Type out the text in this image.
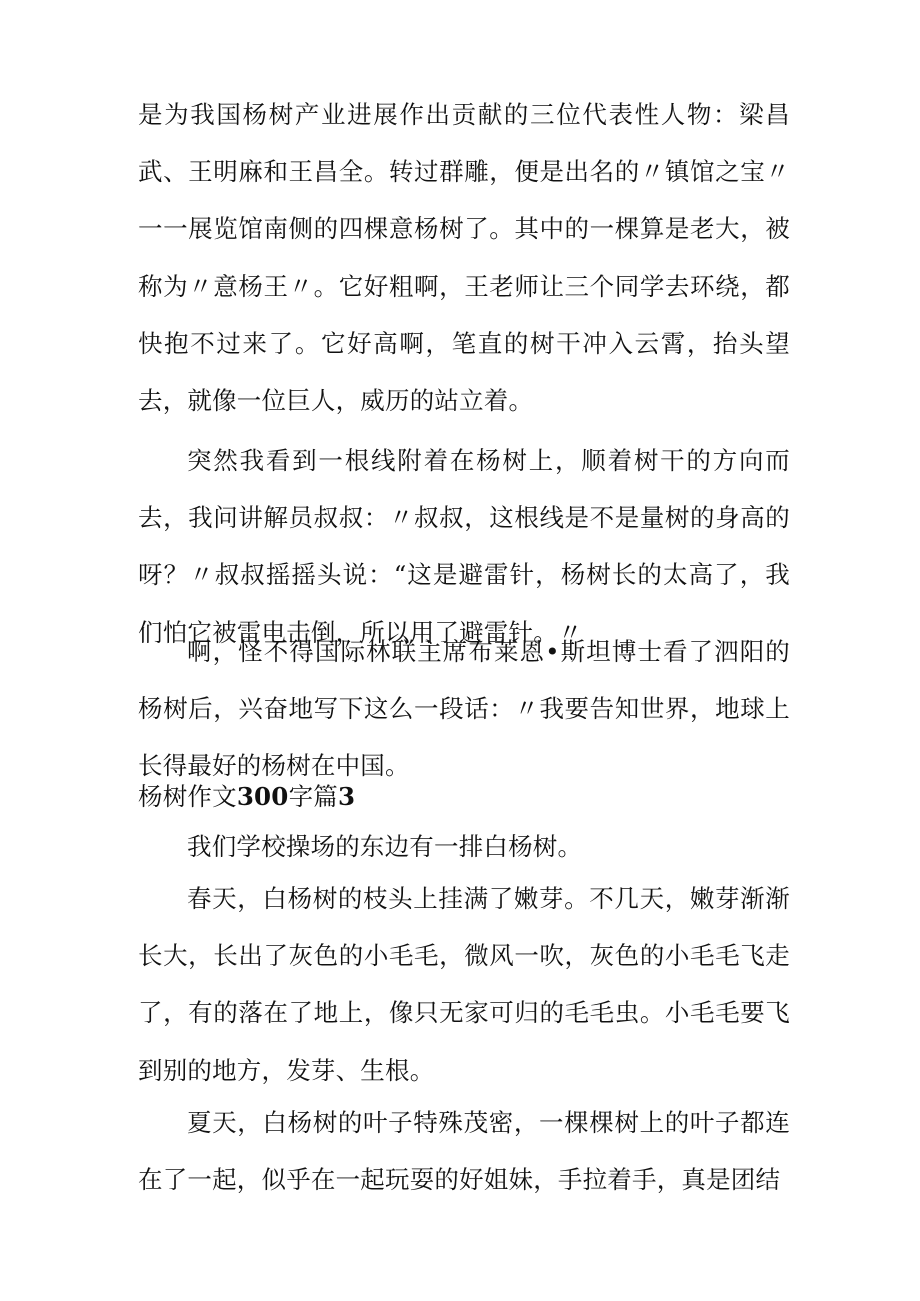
是为我国杨树产业进展作出贡献的三位代表性人物：梁昌武、王明麻和王昌全。转过群雕，便是出名的〃镇馆之宝〃一一展览馆南侧的四棵意杨树了。其中的一棵算是老大，被称为〃意杨王〃。它好粗啊，王老师让三个同学去环绕，都快抱不过来了。它好高啊，笔直的树干冲入云霄，抬头望去，就像一位巨人，威历的站立着。
突然我看到一根线附着在杨树上，顺着树干的方向而去，我问讲解员叔叔：〃叔叔，这根线是不是量树的身高的呀？〃叔叔摇摇头说：“这是避雷针，杨树长的太高了，我们怕它被雷电击倒，所以用了避雷针。〃
啊，怪不得国际林联主席布莱恩•斯坦博士看了泗阳的杨树后，兴奋地写下这么一段话：〃我要告知世界，地球上长得最好的杨树在中国。
杨树作文300字篇3
我们学校操场的东边有一排白杨树。
春天，白杨树的枝头上挂满了嫩芽。不几天，嫩芽渐渐长大，长出了灰色的小毛毛，微风一吹，灰色的小毛毛飞走了，有的落在了地上，像只无家可归的毛毛虫。小毛毛要飞到别的地方，发芽、生根。
夏天，白杨树的叶子特殊茂密，一棵棵树上的叶子都连在了一起，似乎在一起玩耍的好姐妹，手拉着手，真是团结
